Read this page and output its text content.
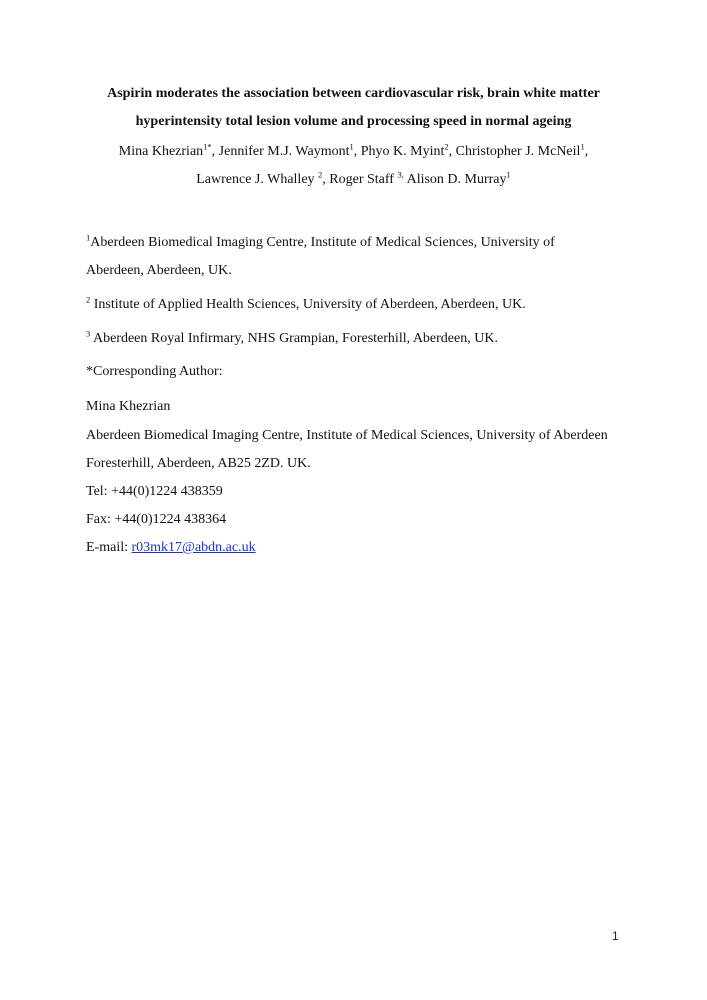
Aspirin moderates the association between cardiovascular risk, brain white matter
hyperintensity total lesion volume and processing speed in normal ageing
Mina Khezrian$^{1*}$, Jennifer M.J. Waymont$^1$, Phyo K. Myint$^2$, Christopher J. McNeil$^1$,
Lawrence J. Whalley $^2$, Roger Staff $^{3,}$ Alison D. Murray$^1$
$^1$Aberdeen Biomedical Imaging Centre, Institute of Medical Sciences, University of
Aberdeen, Aberdeen, UK.
$^2$ Institute of Applied Health Sciences, University of Aberdeen, Aberdeen, UK.
$^3$ Aberdeen Royal Infirmary, NHS Grampian, Foresterhill, Aberdeen, UK.
*Corresponding Author:
Mina Khezrian
Aberdeen Biomedical Imaging Centre, Institute of Medical Sciences, University of Aberdeen
Foresterhill, Aberdeen, AB25 2ZD. UK.
Tel: +44(0)1224 438359
Fax: +44(0)1224 438364
E-mail: r03mk17@abdn.ac.uk
1
